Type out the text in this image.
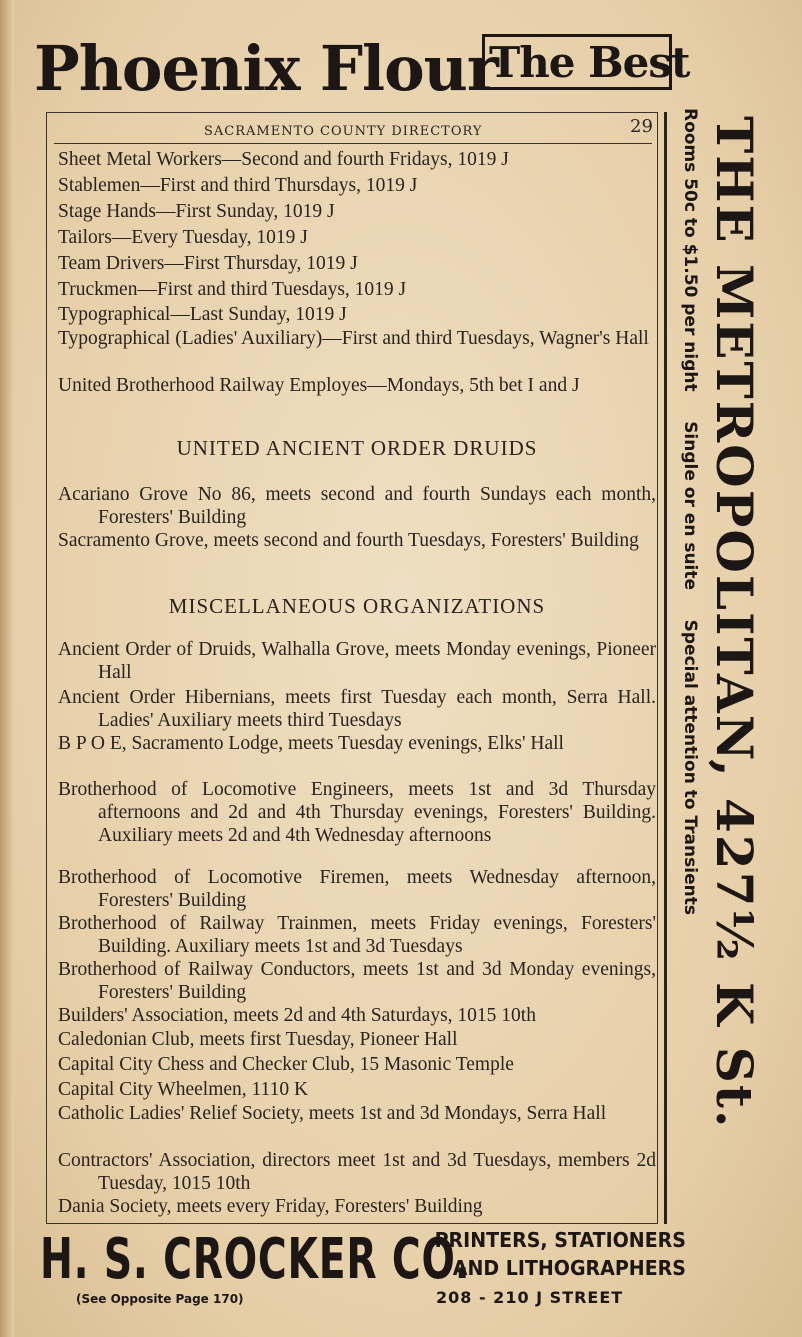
Phoenix Flour
The Best
SACRAMENTO COUNTY DIRECTORY	29
Sheet Metal Workers—Second and fourth Fridays, 1019 J
Stablemen—First and third Thursdays, 1019 J
Stage Hands—First Sunday, 1019 J
Tailors—Every Tuesday, 1019 J
Team Drivers—First Thursday, 1019 J
Truckmen—First and third Tuesdays, 1019 J
Typographical—Last Sunday, 1019 J
Typographical (Ladies' Auxiliary)—First and third Tuesdays, Wagner's Hall
United Brotherhood Railway Employes—Mondays, 5th bet I and J
UNITED ANCIENT ORDER DRUIDS
Acariano Grove No 86, meets second and fourth Sundays each month, Foresters' Building
Sacramento Grove, meets second and fourth Tuesdays, Foresters' Building
MISCELLANEOUS ORGANIZATIONS
Ancient Order of Druids, Walhalla Grove, meets Monday evenings, Pioneer Hall
Ancient Order Hibernians, meets first Tuesday each month, Serra Hall. Ladies' Auxiliary meets third Tuesdays
B P O E, Sacramento Lodge, meets Tuesday evenings, Elks' Hall
Brotherhood of Locomotive Engineers, meets 1st and 3d Thursday afternoons and 2d and 4th Thursday evenings, Foresters' Building. Auxiliary meets 2d and 4th Wednesday afternoons
Brotherhood of Locomotive Firemen, meets Wednesday afternoon, Foresters' Building
Brotherhood of Railway Trainmen, meets Friday evenings, Foresters' Building. Auxiliary meets 1st and 3d Tuesdays
Brotherhood of Railway Conductors, meets 1st and 3d Monday evenings, Foresters' Building
Builders' Association, meets 2d and 4th Saturdays, 1015 10th
Caledonian Club, meets first Tuesday, Pioneer Hall
Capital City Chess and Checker Club, 15 Masonic Temple
Capital City Wheelmen, 1110 K
Catholic Ladies' Relief Society, meets 1st and 3d Mondays, Serra Hall
Contractors' Association, directors meet 1st and 3d Tuesdays, members 2d Tuesday, 1015 10th
Dania Society, meets every Friday, Foresters' Building
THE METROPOLITAN, 427½ K St.
Rooms 50c to $1.50 per night     Single or en suite     Special attention to Transients
H. S. CROCKER CO.
PRINTERS, STATIONERS
AND LITHOGRAPHERS
(See Opposite Page 170)	208 - 210 J STREET
